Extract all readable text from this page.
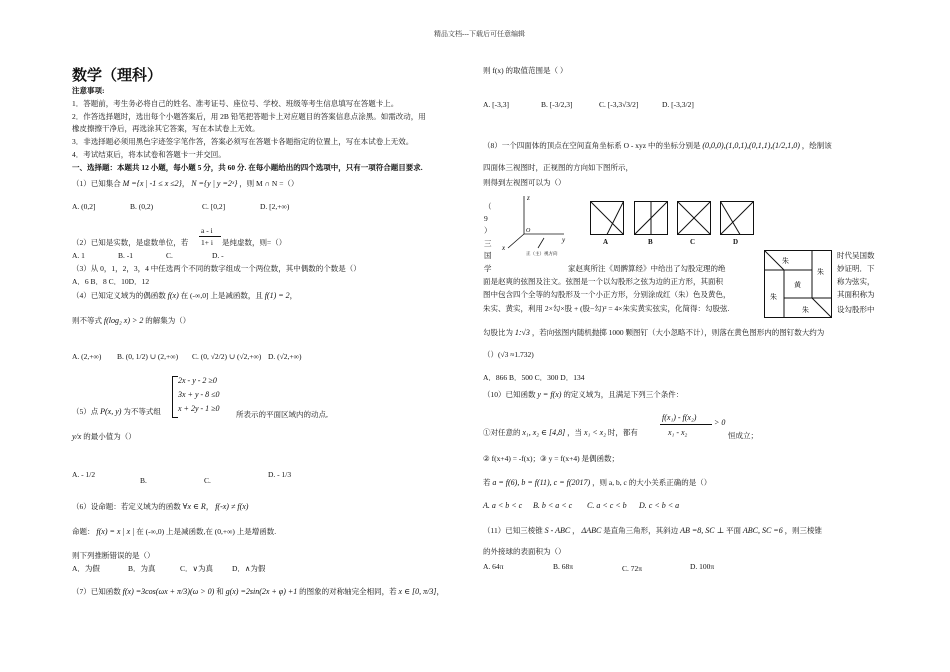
精品文档---下载后可任意编辑
数学（理科）
注意事项:
1．答题前，考生务必将自己的姓名、准考证号、座位号、学校、班级等考生信息填写在答题卡上。
2．作答选择题时，选出每个小题答案后，用 2B 铅笔把答题卡上对应题目的答案信息点涂黑。如需改动，用
橡皮擦擦干净后，再选涂其它答案，写在本试卷上无效。
3．非选择题必须用黑色字迹签字笔作答，答案必须写在答题卡各题指定的位置上，写在本试卷上无效。
4．考试结束后，将本试卷和答题卡一并交回。
一、选择题：本题共 12 小题，每小题 5 分，共 60 分. 在每小题给出的四个选项中，只有一项符合题目要求.
（1）已知集合 M ={x | -1 ≤ x ≤2}， N ={y | y =2ˣ} ，则 M ∩ N =（）
A. (0,2]	B. (0,2)	C. [0,2]	D. [2,+∞)
a - i
（2）已知是实数，是虚数单位，若 1+ i 是纯虚数，则=（）
A. 1	B. -1	C.	D. -
（3）从 0，1，2，3，4 中任选两个不同的数字组成一个两位数，其中偶数的个数是（）
A．6 B．8 C．10D．12
（4）已知定义域为的偶函数 f(x) 在 (-∞,0] 上是减函数，且 f(1) = 2，
则不等式 f(log₂ x) > 2 的解集为（）
A. (2,+∞) B. (0, 1/2) ∪ (2,+∞) C. (0, √2/2) ∪ (√2,+∞) D. (√2,+∞)
2x - y - 2 ≥0
3x + y - 8 ≤0
x + 2y - 1 ≥0
（5）点 P(x, y) 为不等式组	所表示的平面区域内的动点,
y/x 的最小值为（）
A. - 1/2
B.	C.
D. - 1/3
（6）设命题：若定义域为的函数 ∀x ∈ R， f(-x) ≠ f(x)
命题： f(x) = x | x | 在 (-∞,0) 上是减函数,在 (0,+∞) 上是增函数.
则下列推断错误的是（）
A．为假	B．为真	C．∨为真	D．∧为假
（7）已知函数 f(x) =3cos(ωx + π/3)(ω > 0) 和 g(x) =2sin(2x + φ) +1 的图象的对称轴完全相同，若 x ∈ [0, π/3]，
则 f(x) 的取值范围是（ ）
A. [-3,3]	B. [-3/2,3]	C. [-3,3√3/2]	D. [-3,3/2]
（8）一个四面体的顶点在空间直角坐标系 O - xyz 中的坐标分别是 (0,0,0),(1,0,1),(0,1,1),(1/2,1,0) ，绘制该
四面体三视图时，正视图的方向如下图所示，
则得到左视图可以为（）
z
y
x
O
正（主）视方向
A	B	C	D
（
9
）
三
国
学	家赵爽所注《周髀算经》中给出了勾股定理的绝
面是赵爽的弦图及注文。弦图是一个以勾股形之弦为边的正方形，其面积
图中包含四个全等的勾股形及一个小正方形，分别涂成红（朱）色及黄色，
朱实、黄实，利用 2×勾×股 + (股−勾)² = 4×朱实黄实弦实，化简得：勾股弦.
勾股比为 1:√3 ，若向弦图内随机抛掷 1000 颗图钉（大小忽略不计），则落在黄色图形内的图钉数大约为
（）(√3 ≈1.732)
A．866 B．500 C．300 D．134
朱
朱
黄
朱
朱
时代吴国数
妙证明．下
称为弦实，
其面积称为
设勾股形中
（10）已知函数 y = f(x) 的定义域为，且满足下列三个条件：
f(x₁) - f(x₂)
> 0
①对任意的 x₁, x₂ ∈ [4,8] ，当 x₁ < x₂ 时，都有	x₁ - x₂	恒成立；
② f(x+4) = -f(x)；③ y = f(x+4) 是偶函数；
若 a = f(6), b = f(11), c = f(2017) ，则 a, b, c 的大小关系正确的是（）
A. a < b < c B. b < a < c C. a < c < b D. c < b < a
（11）已知三棱锥 S - ABC ， ΔABC 是直角三角形，其斜边 AB =8, SC ⊥ 平面 ABC, SC =6 ，则三棱锥
的外接球的表面积为（）
A. 64π	B. 68π	C. 72π	D. 100π
